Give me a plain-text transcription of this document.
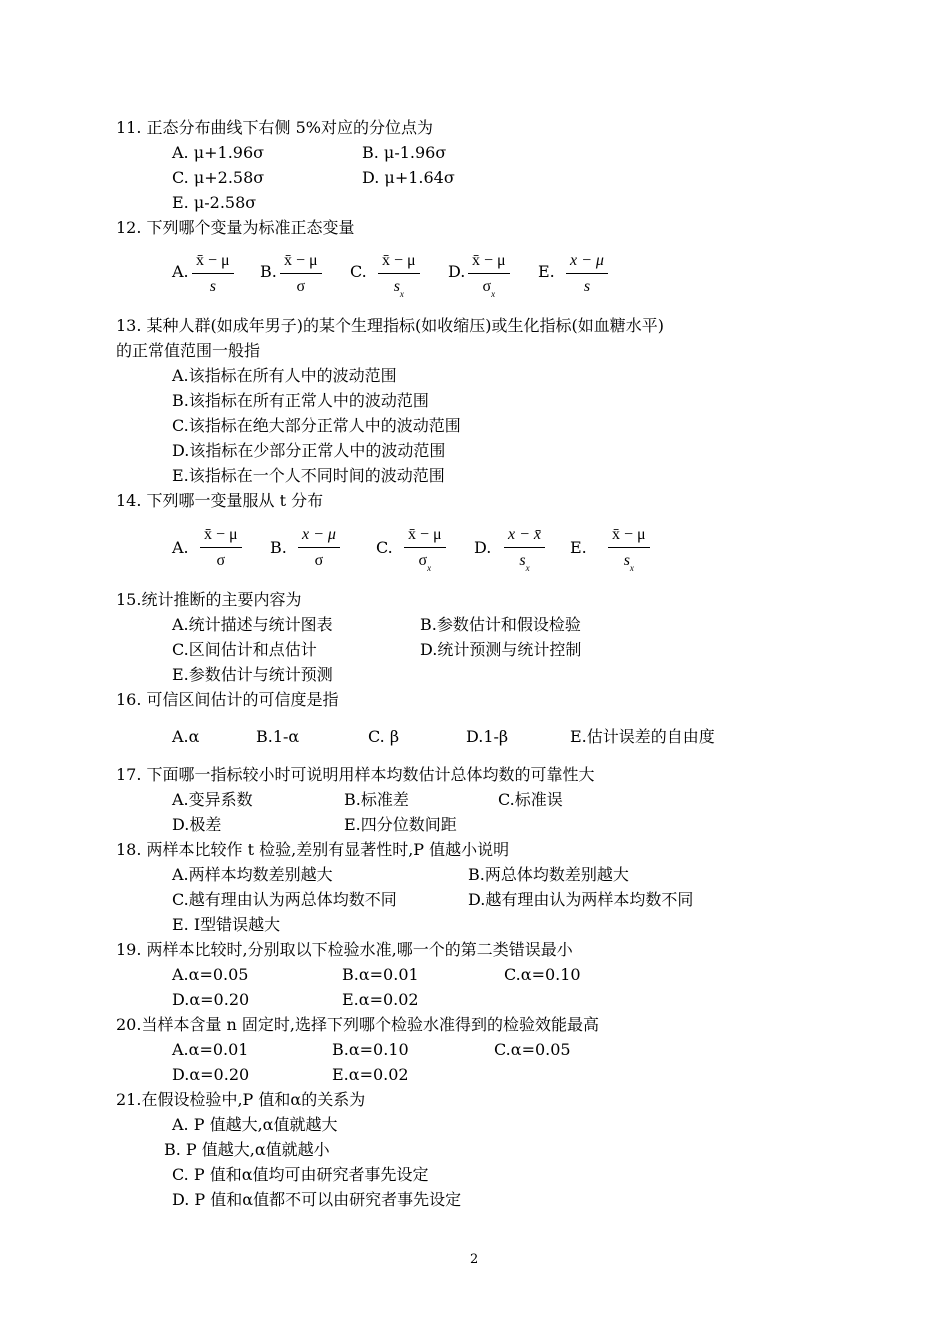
11. 正态分布曲线下右侧 5%对应的分位点为
A. μ+1.96σ	B. μ-1.96σ
C. μ+2.58σ	D. μ+1.64σ
E. μ-2.58σ
12. 下列哪个变量为标准正态变量
A. $\frac{x̄ - \mu}{s} B$. $\frac{x̄ - \mu}{\sigma} C$. $\frac{x̄ - \mu}{s_x} D$. $\frac{x̄ - \mu}{\sigma_x} E$. $\frac{x - \mu}{s}$
13. 某种人群(如成年男子)的某个生理指标(如收缩压)或生化指标(如血糖水平)
的正常值范围一般指
A.该指标在所有人中的波动范围
B.该指标在所有正常人中的波动范围
C.该指标在绝大部分正常人中的波动范围
D.该指标在少部分正常人中的波动范围
E.该指标在一个人不同时间的波动范围
14. 下列哪一变量服从 t 分布
A. $\frac{x̄ - \mu}{\sigma} B$. $\frac{x - \mu}{\sigma} C$. $\frac{x̄ - \mu}{\sigma_x} D$. $\frac{x - x̄}{s_x} E$. $\frac{x̄ - \mu}{s_x}$
15.统计推断的主要内容为
A.统计描述与统计图表	B.参数估计和假设检验
C.区间估计和点估计	D.统计预测与统计控制
E.参数估计与统计预测
16. 可信区间估计的可信度是指
A.α	B.1-α	C. β	D.1-β	E.估计误差的自由度
17. 下面哪一指标较小时可说明用样本均数估计总体均数的可靠性大
A.变异系数	B.标准差	C.标准误
D.极差	E.四分位数间距
18. 两样本比较作 t 检验,差别有显著性时,P 值越小说明
A.两样本均数差别越大	B.两总体均数差别越大
C.越有理由认为两总体均数不同	D.越有理由认为两样本均数不同
E. Ⅰ型错误越大
19. 两样本比较时,分别取以下检验水准,哪一个的第二类错误最小
A.α=0.05	B.α=0.01	C.α=0.10
D.α=0.20	E.α=0.02
20.当样本含量 n 固定时,选择下列哪个检验水准得到的检验效能最高
A.α=0.01	B.α=0.10	C.α=0.05
D.α=0.20	E.α=0.02
21.在假设检验中,P 值和α的关系为
A. P 值越大,α值就越大
B. P 值越大,α值就越小
C. P 值和α值均可由研究者事先设定
D. P 值和α值都不可以由研究者事先设定
2
